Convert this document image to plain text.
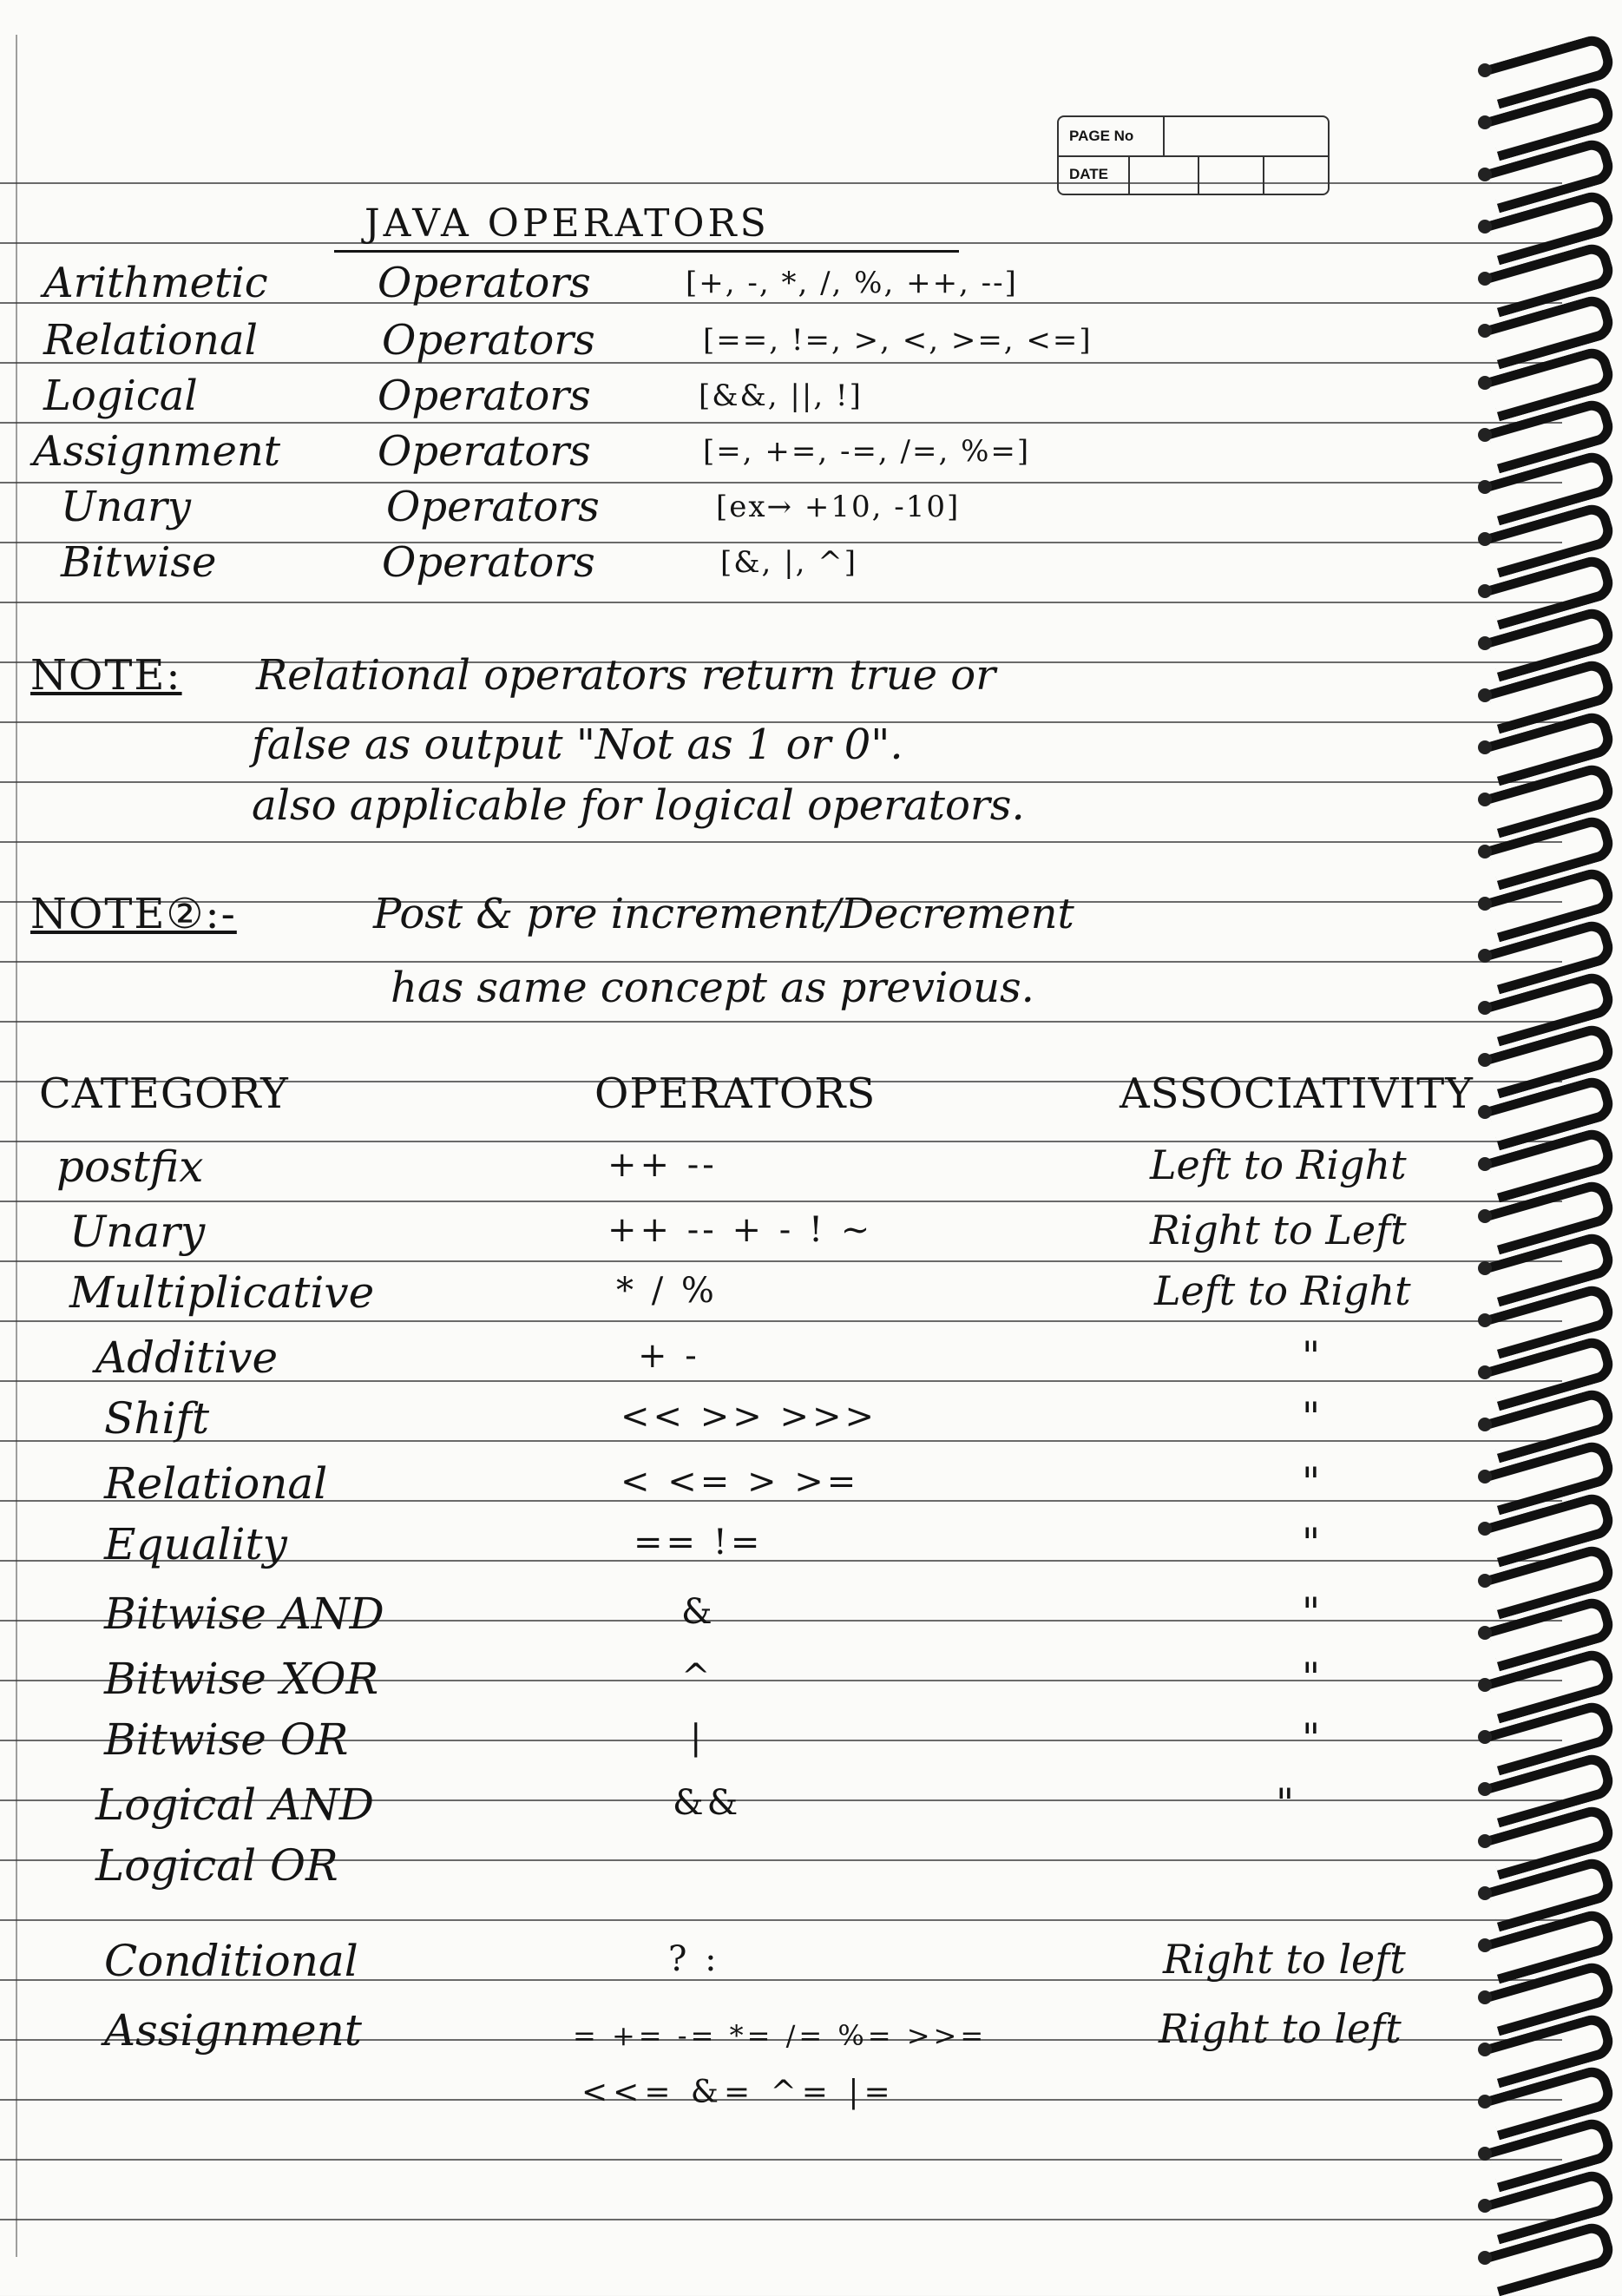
PAGE No
DATE
JAVA OPERATORS
Arithmetic	Operators	[+, -, *, /, %, ++, --]
Relational	Operators	[==, !=, >, <, >=, <=]
Logical	Operators	[&&, ||, !]
Assignment Operators	[=, +=, -=, /=, %=]
Unary	Operators	[ex→ +10, -10]
Bitwise	Operators	[&, |, ^]
NOTE: Relational operators return true or
false as output "Not as 1 or 0".
also applicable for logical operators.
NOTE②:-	Post & pre increment/Decrement
has same concept as previous.
CATEGORY	OPERATORS	ASSOCIATIVITY
postfix	++ --	Left to Right
Unary	++ -- + - ! ~	Right to Left
Multiplicative	* / %	Left to Right
Additive	+ -	"
Shift	<< >> >>>	"
Relational	< <= > >=	"
Equality	== !=	"
Bitwise AND	&	"
Bitwise XOR	^	"
Bitwise OR	|	"
Logical AND	&&	"
Logical OR
Conditional	? :	Right to left
Assignment	= += -= *= /= %= >>=	Right to left
<<= &= ^= |=
